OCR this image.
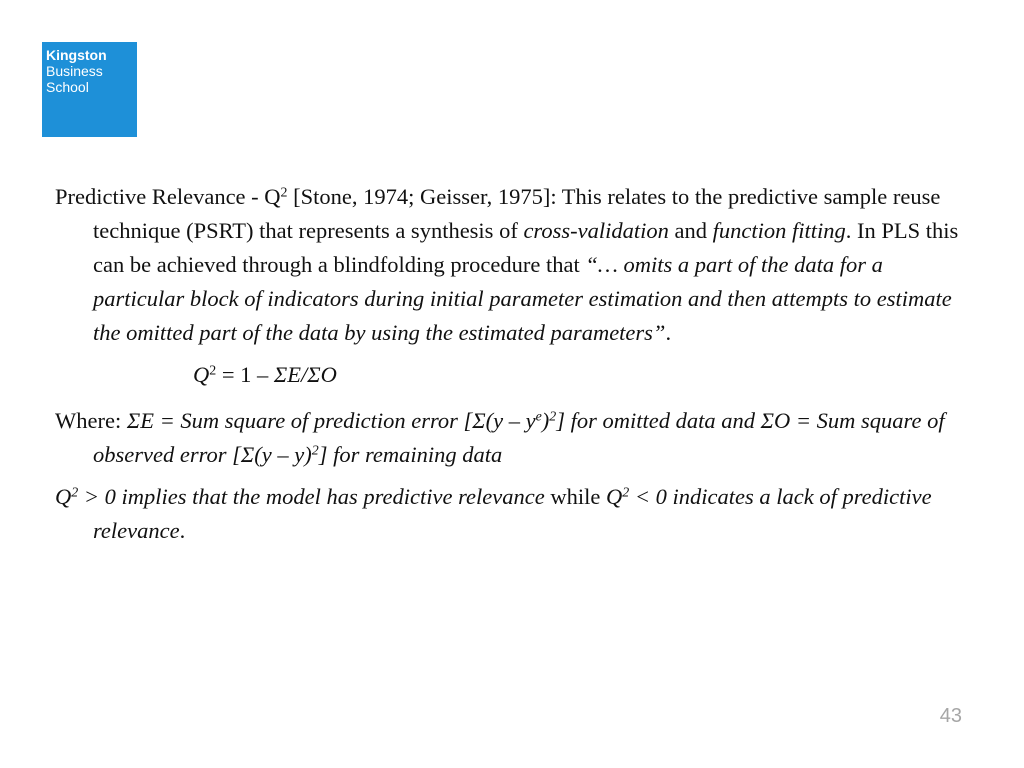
Kingston
Business
School

Predictive Relevance - $Q^2$ [Stone, 1974; Geisser, 1975]: This relates to the predictive sample reuse technique (PSRT) that represents a synthesis of cross-validation and function fitting. In PLS this can be achieved through a blindfolding procedure that “… omits a part of the data for a particular block of indicators during initial parameter estimation and then attempts to estimate the omitted part of the data by using the estimated parameters”.

$Q^2 = 1 - \Sigma E/\Sigma O$

Where: ΣE = Sum square of prediction error $[\Sigma(y - y^e)^2]$ for omitted data and ΣO = Sum square of observed error [Σ(y – y)$^2$] for remaining data

$Q^2 > 0$ implies that the model has predictive relevance while $Q^2 < 0$ indicates a lack of predictive relevance.

43
